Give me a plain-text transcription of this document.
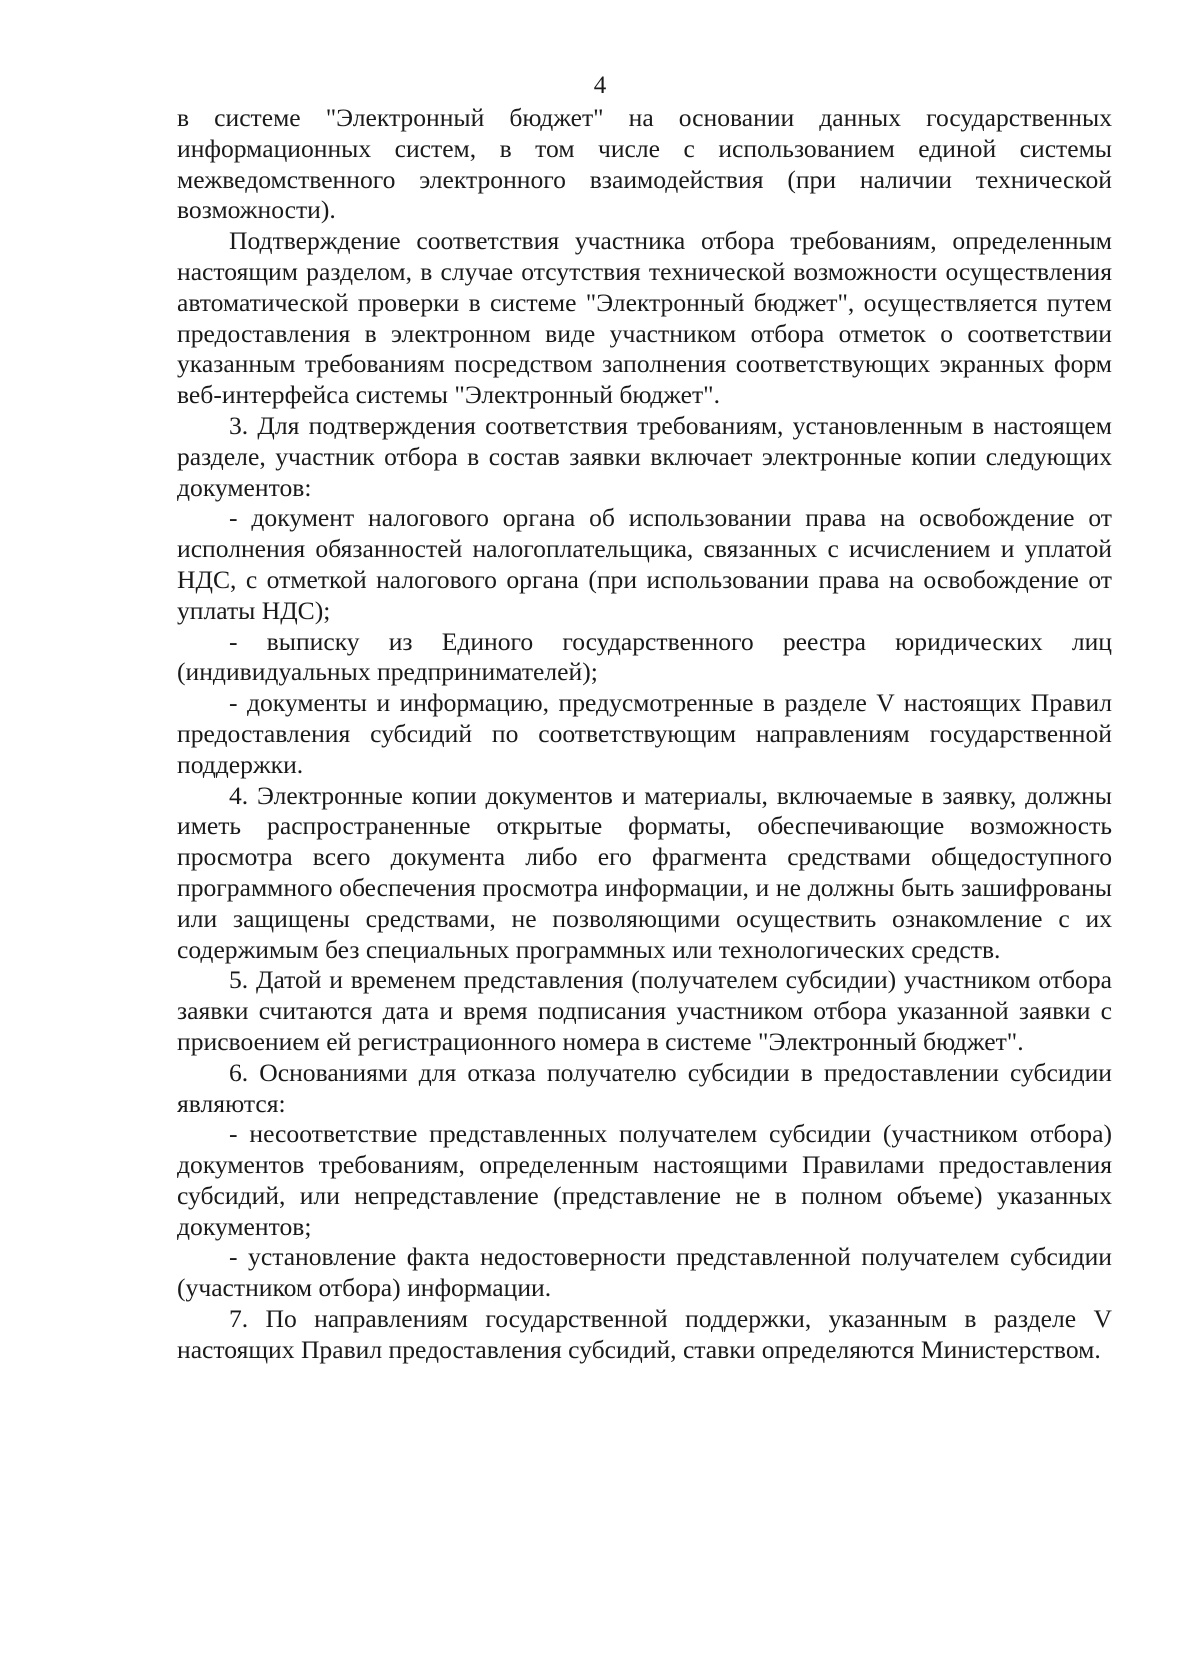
4

в системе "Электронный бюджет" на основании данных государственных информационных систем, в том числе с использованием единой системы межведомственного электронного взаимодействия (при наличии технической возможности).

Подтверждение соответствия участника отбора требованиям, определенным настоящим разделом, в случае отсутствия технической возможности осуществления автоматической проверки в системе "Электронный бюджет", осуществляется путем предоставления в электронном виде участником отбора отметок о соответствии указанным требованиям посредством заполнения соответствующих экранных форм веб-интерфейса системы "Электронный бюджет".

3. Для подтверждения соответствия требованиям, установленным в настоящем разделе, участник отбора в состав заявки включает электронные копии следующих документов:

- документ налогового органа об использовании права на освобождение от исполнения обязанностей налогоплательщика, связанных с исчислением и уплатой НДС, с отметкой налогового органа (при использовании права на освобождение от уплаты НДС);

- выписку из Единого государственного реестра юридических лиц (индивидуальных предпринимателей);

- документы и информацию, предусмотренные в разделе V настоящих Правил предоставления субсидий по соответствующим направлениям государственной поддержки.

4. Электронные копии документов и материалы, включаемые в заявку, должны иметь распространенные открытые форматы, обеспечивающие возможность просмотра всего документа либо его фрагмента средствами общедоступного программного обеспечения просмотра информации, и не должны быть зашифрованы или защищены средствами, не позволяющими осуществить ознакомление с их содержимым без специальных программных или технологических средств.

5. Датой и временем представления (получателем субсидии) участником отбора заявки считаются дата и время подписания участником отбора указанной заявки с присвоением ей регистрационного номера в системе "Электронный бюджет".

6. Основаниями для отказа получателю субсидии в предоставлении субсидии являются:

- несоответствие представленных получателем субсидии (участником отбора) документов требованиям, определенным настоящими Правилами предоставления субсидий, или непредставление (представление не в полном объеме) указанных документов;

- установление факта недостоверности представленной получателем субсидии (участником отбора) информации.

7. По направлениям государственной поддержки, указанным в разделе V настоящих Правил предоставления субсидий, ставки определяются Министерством.
